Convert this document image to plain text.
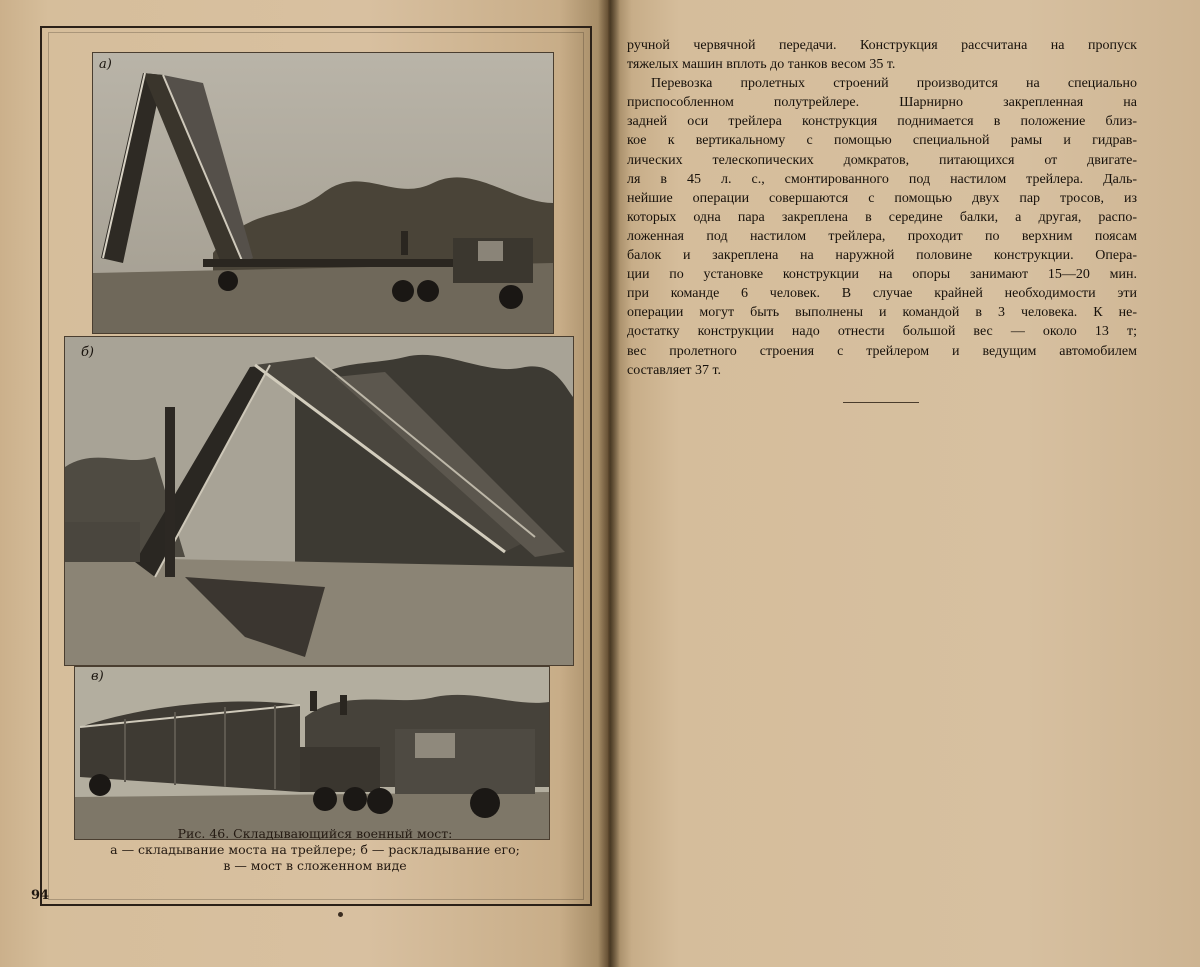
а)
б)
в)
Рис. 46. Складывающийся военный мост:
а — складывание моста на трейлере; б — раскладывание его;
в — мост в сложенном виде
94
ручной червячной передачи. Конструкция рассчитана на пропуск
тяжелых машин вплоть до танков весом 35 т.
Перевозка пролетных строений производится на специально
приспособленном полутрейлере. Шарнирно закрепленная на
задней оси трейлера конструкция поднимается в положение близ-
кое к вертикальному с помощью специальной рамы и гидрав-
лических телескопических домкратов, питающихся от двигате-
ля в 45 л. с., смонтированного под настилом трейлера. Даль-
нейшие операции совершаются с помощью двух пар тросов, из
которых одна пара закреплена в середине балки, а другая, распо-
ложенная под настилом трейлера, проходит по верхним поясам
балок и закреплена на наружной половине конструкции. Опера-
ции по установке конструкции на опоры занимают 15—20 мин.
при команде 6 человек. В случае крайней необходимости эти
операции могут быть выполнены и командой в 3 человека. К не-
достатку конструкции надо отнести большой вес — около 13 т;
вес пролетного строения с трейлером и ведущим автомобилем
составляет 37 т.
